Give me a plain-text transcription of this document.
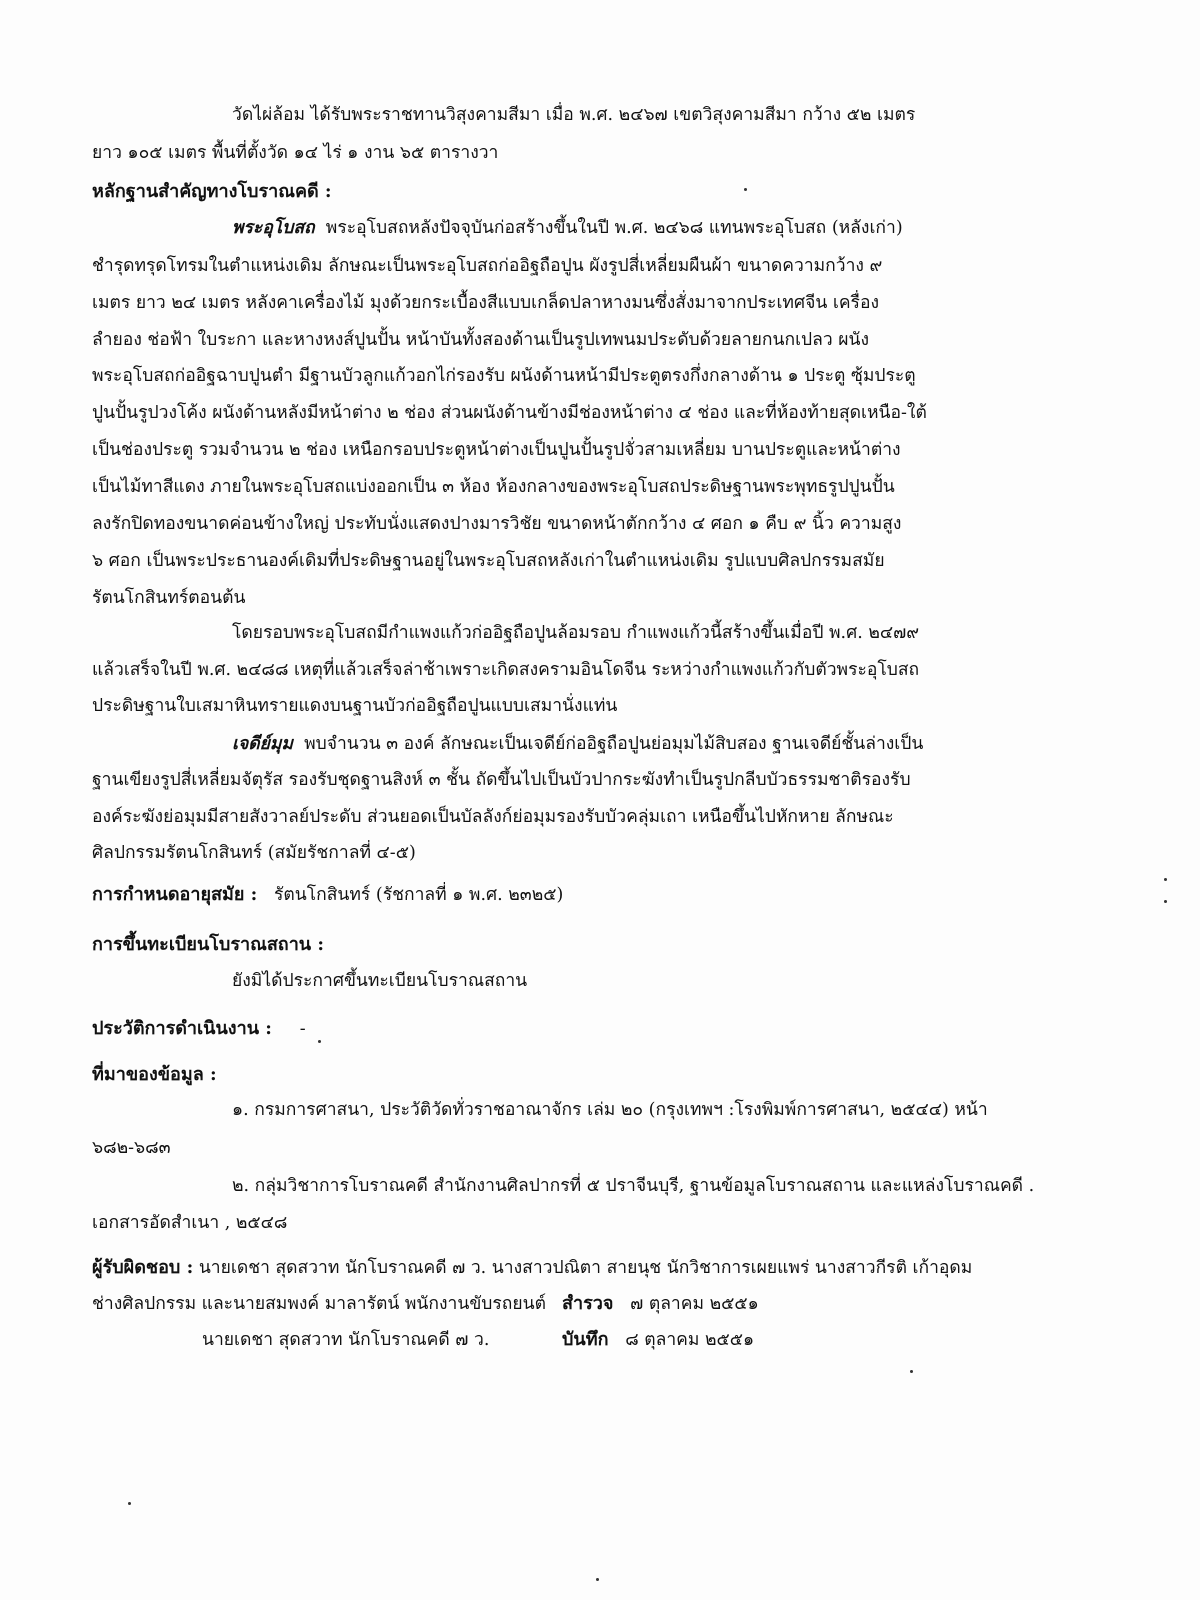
วัดไผ่ล้อม ได้รับพระราชทานวิสุงคามสีมา เมื่อ พ.ศ. ๒๔๖๗ เขตวิสุงคามสีมา กว้าง ๕๒ เมตร
ยาว ๑๐๕ เมตร พื้นที่ตั้งวัด ๑๔ ไร่ ๑ งาน ๖๕ ตารางวา
หลักฐานสำคัญทางโบราณคดี :
พระอุโบสถ พระอุโบสถหลังปัจจุบันก่อสร้างขึ้นในปี พ.ศ. ๒๔๖๘ แทนพระอุโบสถ (หลังเก่า)
ชำรุดทรุดโทรมในตำแหน่งเดิม ลักษณะเป็นพระอุโบสถก่ออิฐถือปูน ผังรูปสี่เหลี่ยมผืนผ้า ขนาดความกว้าง ๙
เมตร ยาว ๒๔ เมตร หลังคาเครื่องไม้ มุงด้วยกระเบื้องสีแบบเกล็ดปลาหางมนซึ่งสั่งมาจากประเทศจีน เครื่อง
ลำยอง ช่อฟ้า ใบระกา และหางหงส์ปูนปั้น หน้าบันทั้งสองด้านเป็นรูปเทพนมประดับด้วยลายกนกเปลว ผนัง
พระอุโบสถก่ออิฐฉาบปูนตำ มีฐานบัวลูกแก้วอกไก่รองรับ ผนังด้านหน้ามีประตูตรงกึ่งกลางด้าน ๑ ประตู ซุ้มประตู
ปูนปั้นรูปวงโค้ง ผนังด้านหลังมีหน้าต่าง ๒ ช่อง ส่วนผนังด้านข้างมีช่องหน้าต่าง ๔ ช่อง และที่ห้องท้ายสุดเหนือ-ใต้
เป็นช่องประตู รวมจำนวน ๒ ช่อง เหนือกรอบประตูหน้าต่างเป็นปูนปั้นรูปจั่วสามเหลี่ยม บานประตูและหน้าต่าง
เป็นไม้ทาสีแดง ภายในพระอุโบสถแบ่งออกเป็น ๓ ห้อง ห้องกลางของพระอุโบสถประดิษฐานพระพุทธรูปปูนปั้น
ลงรักปิดทองขนาดค่อนข้างใหญ่ ประทับนั่งแสดงปางมารวิชัย ขนาดหน้าตักกว้าง ๔ ศอก ๑ คืบ ๙ นิ้ว ความสูง
๖ ศอก เป็นพระประธานองค์เดิมที่ประดิษฐานอยู่ในพระอุโบสถหลังเก่าในตำแหน่งเดิม รูปแบบศิลปกรรมสมัย
รัตนโกสินทร์ตอนต้น
โดยรอบพระอุโบสถมีกำแพงแก้วก่ออิฐถือปูนล้อมรอบ กำแพงแก้วนี้สร้างขึ้นเมื่อปี พ.ศ. ๒๔๗๙
แล้วเสร็จในปี พ.ศ. ๒๔๘๘ เหตุที่แล้วเสร็จล่าช้าเพราะเกิดสงครามอินโดจีน ระหว่างกำแพงแก้วกับตัวพระอุโบสถ
ประดิษฐานใบเสมาหินทรายแดงบนฐานบัวก่ออิฐถือปูนแบบเสมานั่งแท่น
เจดีย์มุม พบจำนวน ๓ องค์ ลักษณะเป็นเจดีย์ก่ออิฐถือปูนย่อมุมไม้สิบสอง ฐานเจดีย์ชั้นล่างเป็น
ฐานเขียงรูปสี่เหลี่ยมจัตุรัส รองรับชุดฐานสิงห์ ๓ ชั้น ถัดขึ้นไปเป็นบัวปากระฆังทำเป็นรูปกลีบบัวธรรมชาติรองรับ
องค์ระฆังย่อมุมมีสายสังวาลย์ประดับ ส่วนยอดเป็นบัลลังก์ย่อมุมรองรับบัวคลุ่มเถา เหนือขึ้นไปหักหาย ลักษณะ
ศิลปกรรมรัตนโกสินทร์ (สมัยรัชกาลที่ ๔-๕)
การกำหนดอายุสมัย : รัตนโกสินทร์ (รัชกาลที่ ๑ พ.ศ. ๒๓๒๕)
การขึ้นทะเบียนโบราณสถาน :
ยังมิได้ประกาศขึ้นทะเบียนโบราณสถาน
ประวัติการดำเนินงาน : -
ที่มาของข้อมูล :
๑. กรมการศาสนา, ประวัติวัดทั่วราชอาณาจักร เล่ม ๒๐ (กรุงเทพฯ :โรงพิมพ์การศาสนา, ๒๕๔๔) หน้า
๖๘๒-๖๘๓
๒. กลุ่มวิชาการโบราณคดี สำนักงานศิลปากรที่ ๕ ปราจีนบุรี, ฐานข้อมูลโบราณสถาน และแหล่งโบราณคดี .
เอกสารอัดสำเนา , ๒๕๔๘
ผู้รับผิดชอบ : นายเดชา สุดสวาท นักโบราณคดี ๗ ว. นางสาวปณิตา สายนุช นักวิชาการเผยแพร่ นางสาวกีรติ เก้าอุดม
ช่างศิลปกรรม และนายสมพงค์ มาลารัตน์ พนักงานขับรถยนต์ สำรวจ ๗ ตุลาคม ๒๕๕๑
นายเดชา สุดสวาท นักโบราณคดี ๗ ว.	บันทึก ๘ ตุลาคม ๒๕๕๑
